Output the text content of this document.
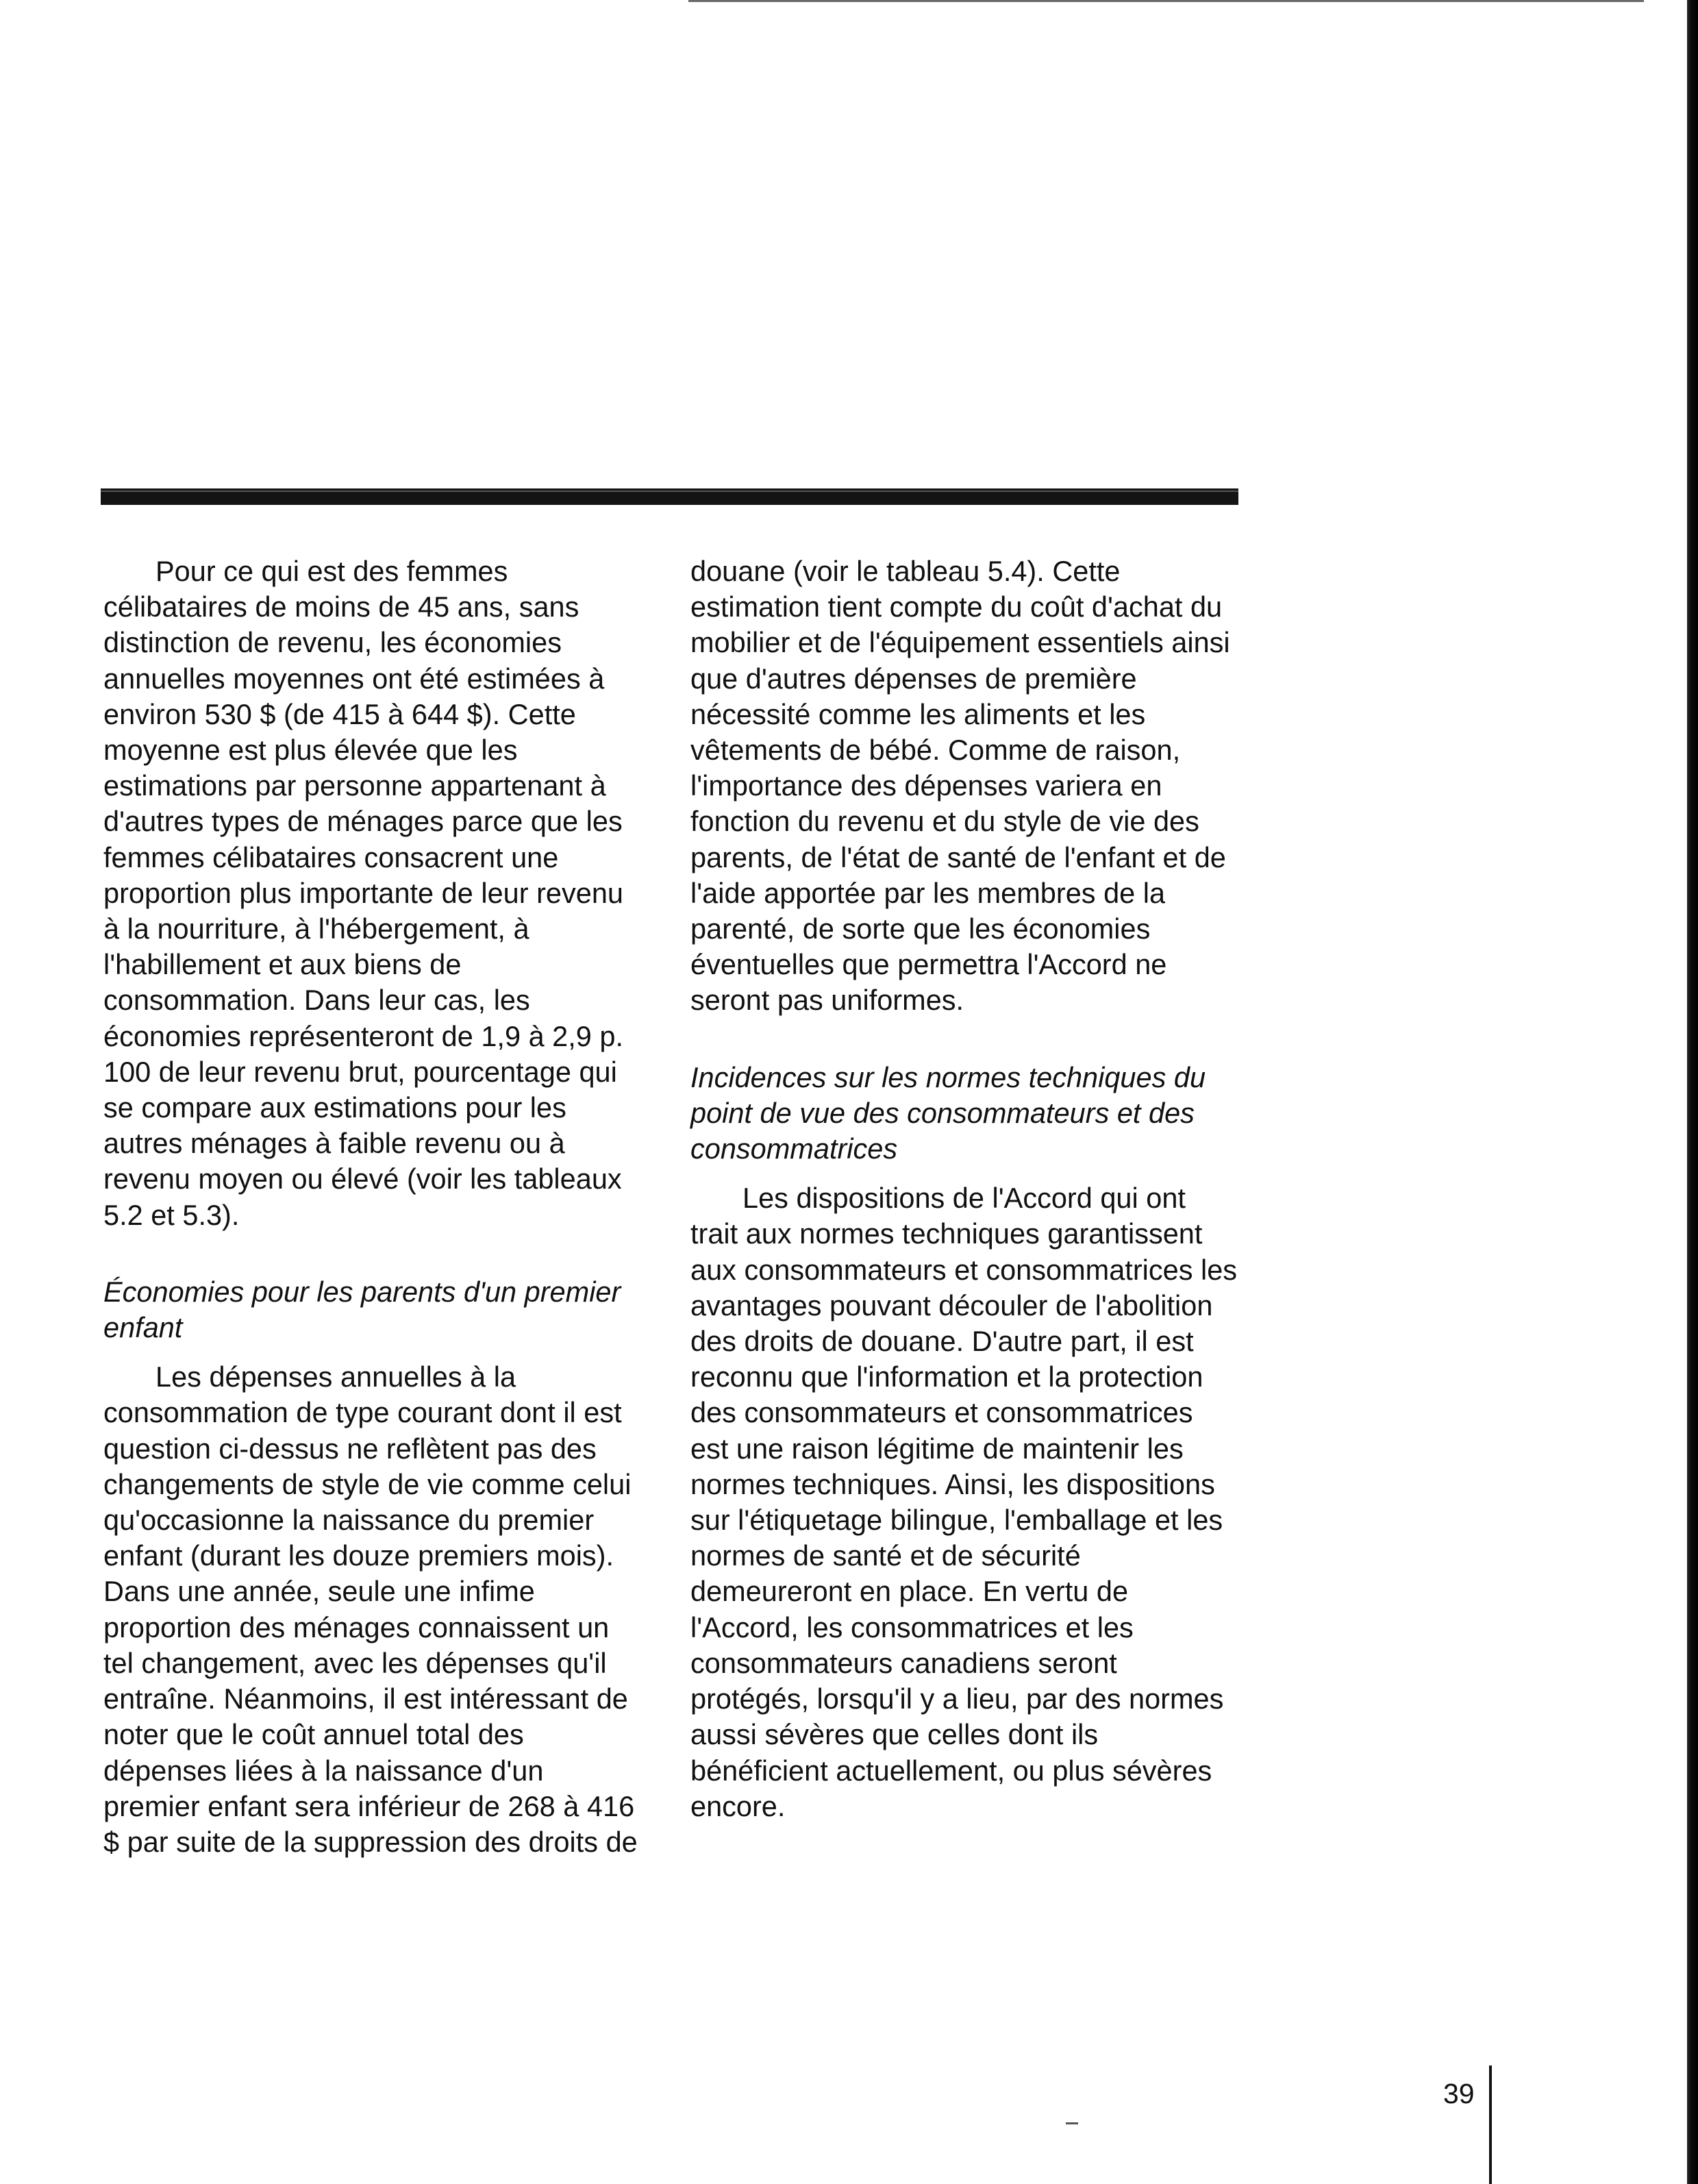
Pour ce qui est des femmes célibataires de moins de 45 ans, sans distinction de revenu, les économies annuelles moyennes ont été estimées à environ 530 $ (de 415 à 644 $). Cette moyenne est plus élevée que les estimations par personne appartenant à d'autres types de ménages parce que les femmes célibataires consacrent une proportion plus importante de leur revenu à la nourriture, à l'hébergement, à l'habillement et aux biens de consommation. Dans leur cas, les économies représenteront de 1,9 à 2,9 p. 100 de leur revenu brut, pourcentage qui se compare aux estimations pour les autres ménages à faible revenu ou à revenu moyen ou élevé (voir les tableaux 5.2 et 5.3).

Économies pour les parents d'un premier enfant

Les dépenses annuelles à la consommation de type courant dont il est question ci-dessus ne reflètent pas des changements de style de vie comme celui qu'occasionne la naissance du premier enfant (durant les douze premiers mois). Dans une année, seule une infime proportion des ménages connaissent un tel changement, avec les dépenses qu'il entraîne. Néanmoins, il est intéressant de noter que le coût annuel total des dépenses liées à la naissance d'un premier enfant sera inférieur de 268 à 416 $ par suite de la suppression des droits de

douane (voir le tableau 5.4). Cette estimation tient compte du coût d'achat du mobilier et de l'équipement essentiels ainsi que d'autres dépenses de première nécessité comme les aliments et les vêtements de bébé. Comme de raison, l'importance des dépenses variera en fonction du revenu et du style de vie des parents, de l'état de santé de l'enfant et de l'aide apportée par les membres de la parenté, de sorte que les économies éventuelles que permettra l'Accord ne seront pas uniformes.

Incidences sur les normes techniques du point de vue des consommateurs et des consommatrices

Les dispositions de l'Accord qui ont trait aux normes techniques garantissent aux consommateurs et consommatrices les avantages pouvant découler de l'abolition des droits de douane. D'autre part, il est reconnu que l'information et la protection des consommateurs et consommatrices est une raison légitime de maintenir les normes techniques. Ainsi, les dispositions sur l'étiquetage bilingue, l'emballage et les normes de santé et de sécurité demeureront en place. En vertu de l'Accord, les consommatrices et les consommateurs canadiens seront protégés, lorsqu'il y a lieu, par des normes aussi sévères que celles dont ils bénéficient actuellement, ou plus sévères encore.

39
